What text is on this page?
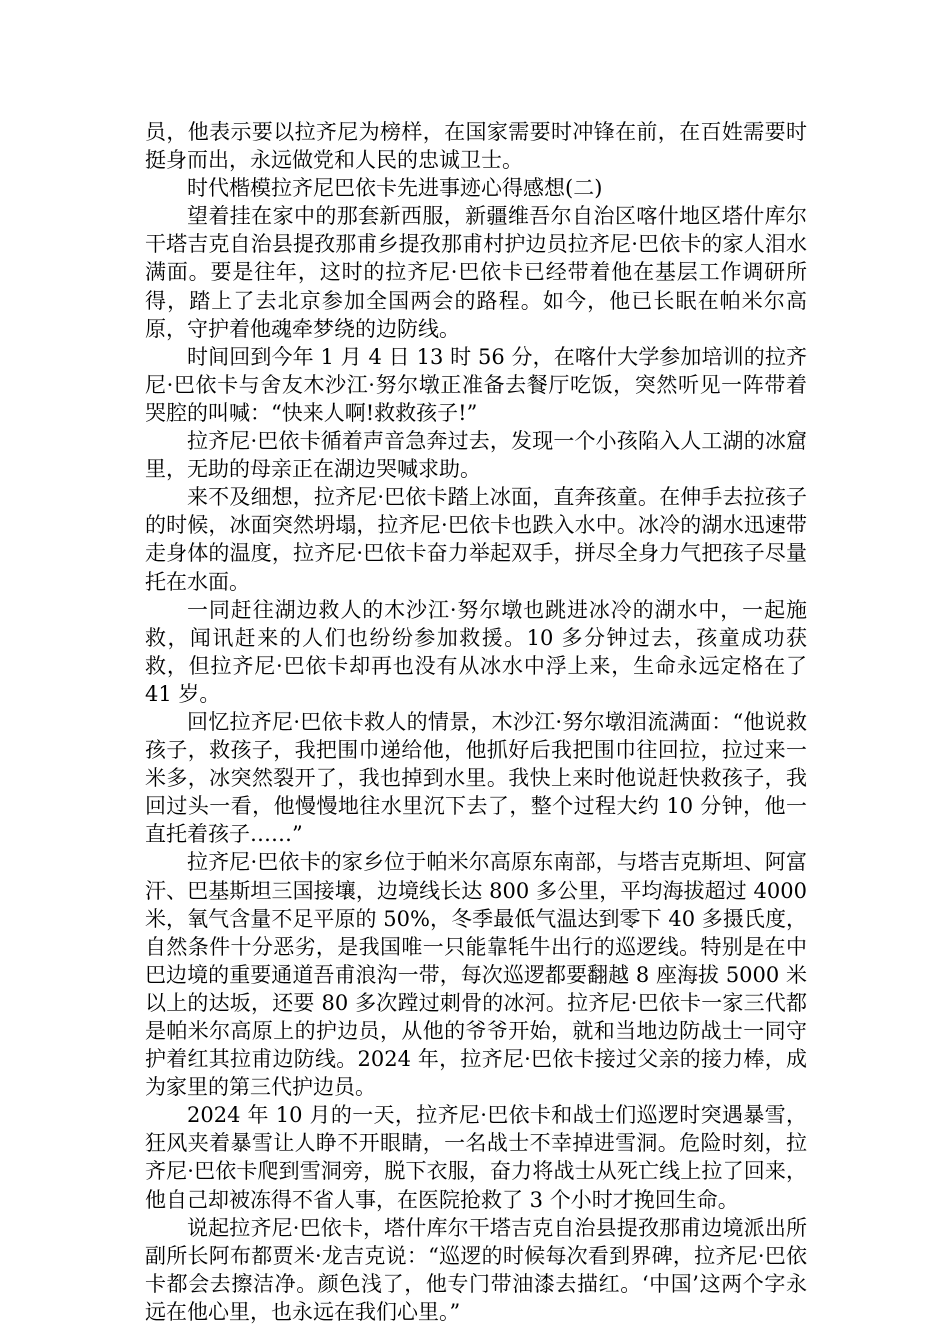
员，他表示要以拉齐尼为榜样，在国家需要时冲锋在前，在百姓需要时挺身而出，永远做党和人民的忠诚卫士。

时代楷模拉齐尼巴依卡先进事迹心得感想(二)

望着挂在家中的那套新西服，新疆维吾尔自治区喀什地区塔什库尔干塔吉克自治县提孜那甫乡提孜那甫村护边员拉齐尼·巴依卡的家人泪水满面。要是往年，这时的拉齐尼·巴依卡已经带着他在基层工作调研所得，踏上了去北京参加全国两会的路程。如今，他已长眠在帕米尔高原，守护着他魂牵梦绕的边防线。

时间回到今年 1 月 4 日 13 时 56 分，在喀什大学参加培训的拉齐尼·巴依卡与舍友木沙江·努尔墩正准备去餐厅吃饭，突然听见一阵带着哭腔的叫喊：“快来人啊!救救孩子!”

拉齐尼·巴依卡循着声音急奔过去，发现一个小孩陷入人工湖的冰窟里，无助的母亲正在湖边哭喊求助。

来不及细想，拉齐尼·巴依卡踏上冰面，直奔孩童。在伸手去拉孩子的时候，冰面突然坍塌，拉齐尼·巴依卡也跌入水中。冰冷的湖水迅速带走身体的温度，拉齐尼·巴依卡奋力举起双手，拼尽全身力气把孩子尽量托在水面。

一同赶往湖边救人的木沙江·努尔墩也跳进冰冷的湖水中，一起施救，闻讯赶来的人们也纷纷参加救援。10 多分钟过去，孩童成功获救，但拉齐尼·巴依卡却再也没有从冰水中浮上来，生命永远定格在了 41 岁。

回忆拉齐尼·巴依卡救人的情景，木沙江·努尔墩泪流满面：“他说救孩子，救孩子，我把围巾递给他，他抓好后我把围巾往回拉，拉过来一米多，冰突然裂开了，我也掉到水里。我快上来时他说赶快救孩子，我回过头一看，他慢慢地往水里沉下去了，整个过程大约 10 分钟，他一直托着孩子……”

拉齐尼·巴依卡的家乡位于帕米尔高原东南部，与塔吉克斯坦、阿富汗、巴基斯坦三国接壤，边境线长达 800 多公里，平均海拔超过 4000 米，氧气含量不足平原的 50%，冬季最低气温达到零下 40 多摄氏度，自然条件十分恶劣，是我国唯一只能靠牦牛出行的巡逻线。特别是在中巴边境的重要通道吾甫浪沟一带，每次巡逻都要翻越 8 座海拔 5000 米以上的达坂，还要 80 多次蹚过刺骨的冰河。拉齐尼·巴依卡一家三代都是帕米尔高原上的护边员，从他的爷爷开始，就和当地边防战士一同守护着红其拉甫边防线。2024 年，拉齐尼·巴依卡接过父亲的接力棒，成为家里的第三代护边员。

2024 年 10 月的一天，拉齐尼·巴依卡和战士们巡逻时突遇暴雪，狂风夹着暴雪让人睁不开眼睛，一名战士不幸掉进雪洞。危险时刻，拉齐尼·巴依卡爬到雪洞旁，脱下衣服，奋力将战士从死亡线上拉了回来，他自己却被冻得不省人事，在医院抢救了 3 个小时才挽回生命。

说起拉齐尼·巴依卡，塔什库尔干塔吉克自治县提孜那甫边境派出所副所长阿布都贾米·龙吉克说：“巡逻的时候每次看到界碑，拉齐尼·巴依卡都会去擦洁净。颜色浅了，他专门带油漆去描红。‘中国’这两个字永远在他心里，也永远在我们心里。”
